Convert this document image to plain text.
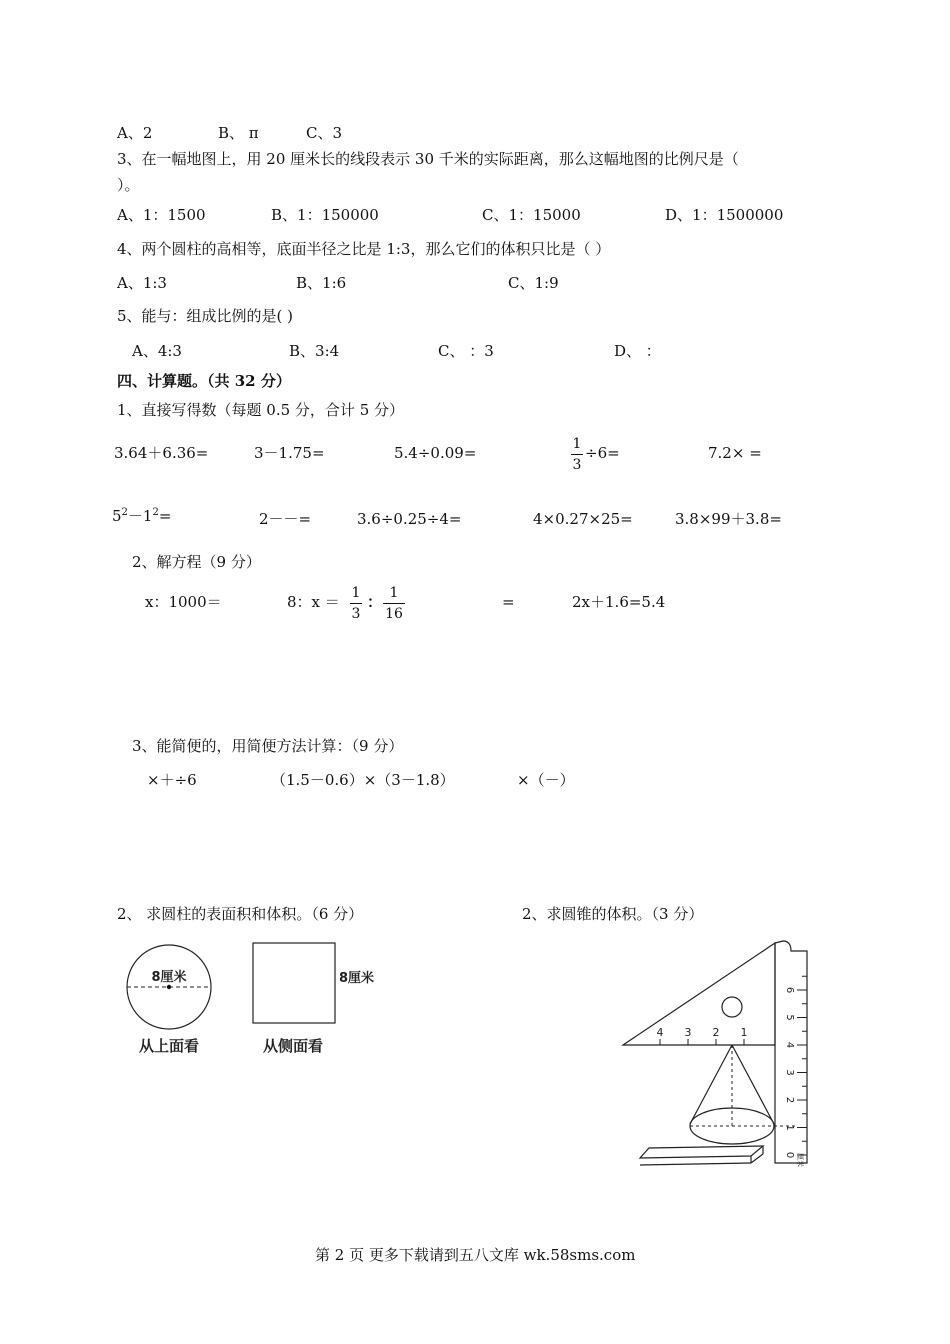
A、2	B、 π	C、3
3、在一幅地图上，用 20 厘米长的线段表示 30 千米的实际距离，那么这幅地图的比例尺是（
）。
A、1：1500	B、1：150000	C、1：15000	D、1：1500000
4、两个圆柱的高相等，底面半径之比是 1:3，那么它们的体积只比是（ ）
A、1:3	B、1:6	C、1:9
5、能与：组成比例的是( )
A、4:3	B、3:4	C、 ：3	D、 ：
四、计算题。（共 32 分）
1、直接写得数（每题 0.5 分，合计 5 分）
3.64＋6.36=	3－1.75=	5.4÷0.09=	1
3
÷6=	7.2× =
$5^2-1^2=$	2－－=	3.6÷0.25÷4=	4×0.27×25=	3.8×99＋3.8=
2、解方程（9 分）
x：1000＝	8：x ＝ 1
3
： 1
16
=	2x＋1.6=5.4
3、能简便的，用简便方法计算：（9 分）
×＋÷6	（1.5－0.6）×（3－1.8）	×（－）
2、 求圆柱的表面积和体积。（6 分）	2、求圆锥的体积。（3 分）
8厘米
从上面看
8厘米
从侧面看
0
1
2
3
4
5
6
4 3 2 1
厘米
第 2 页 更多下载请到五八文库 wk.58sms.com
